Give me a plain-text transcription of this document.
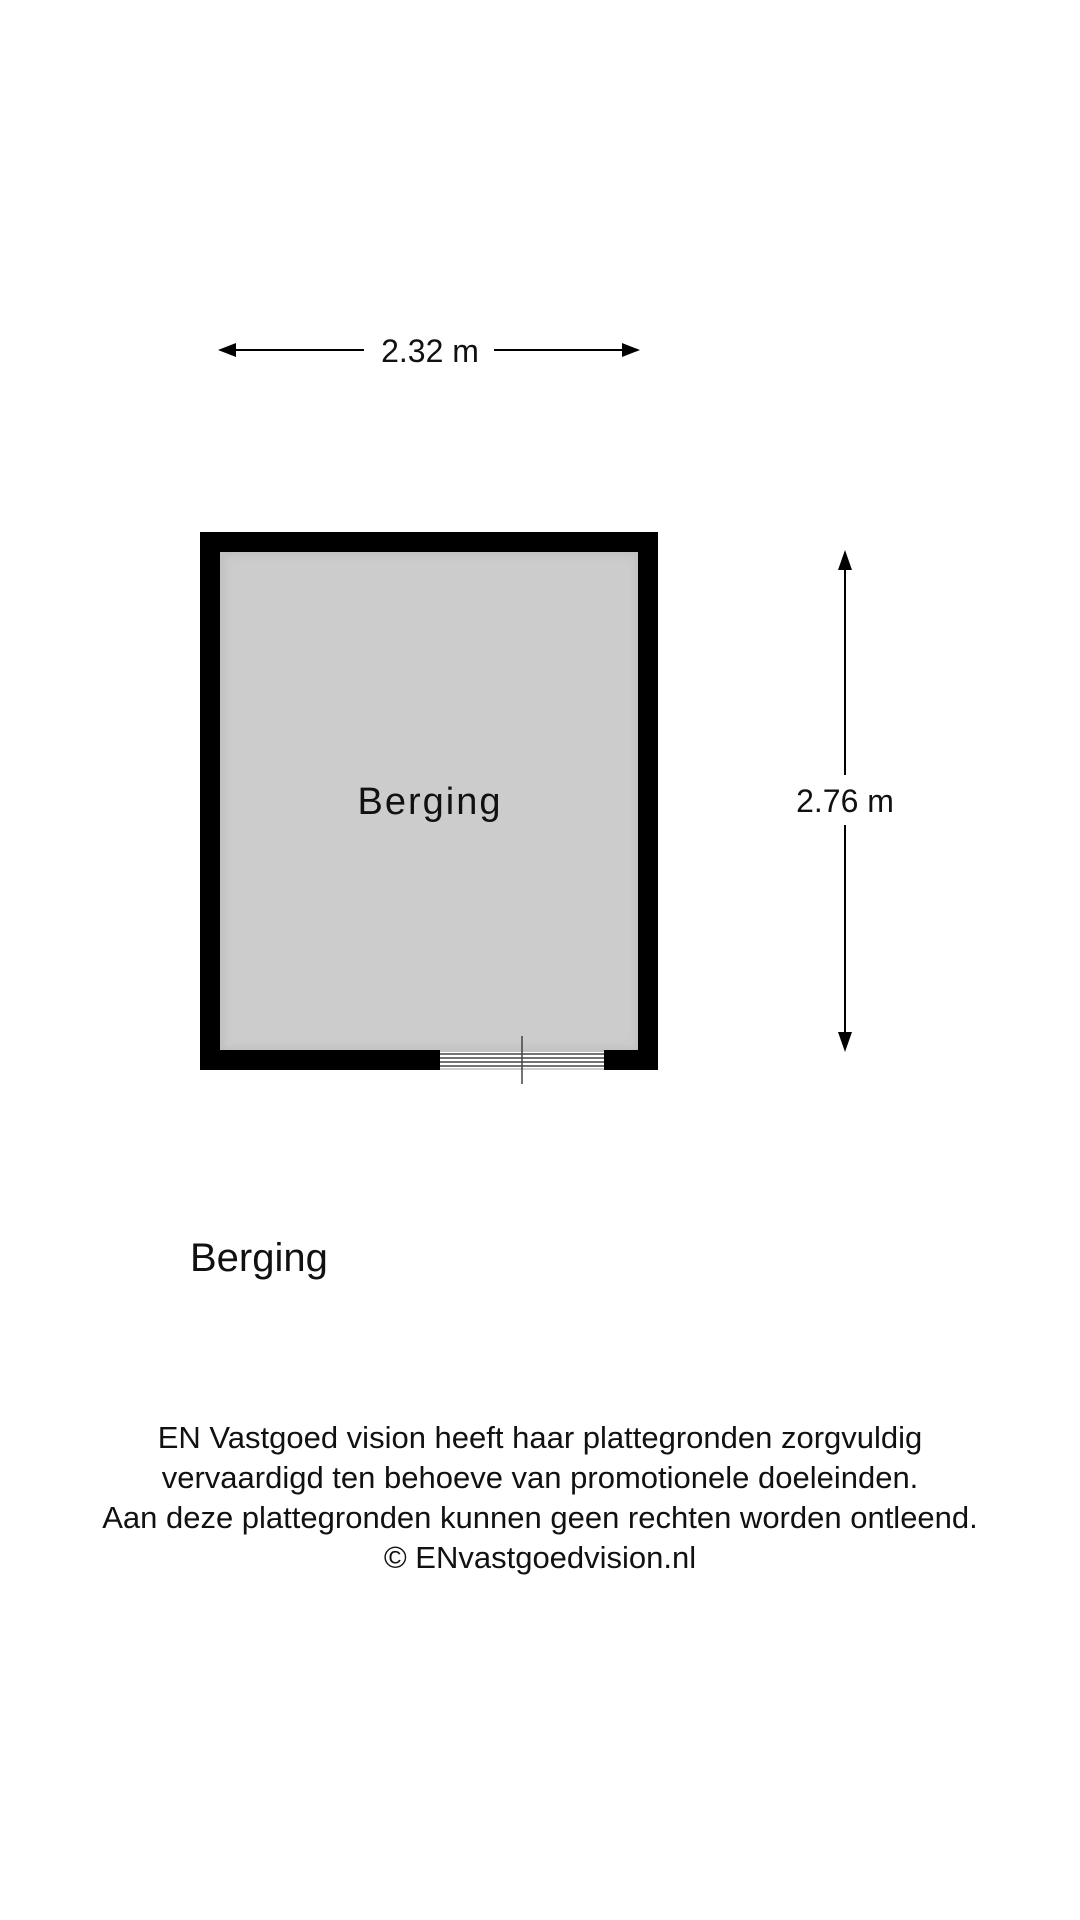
2.32 m
2.76 m
Berging
Berging
EN Vastgoed vision heeft haar plattegronden zorgvuldig
vervaardigd ten behoeve van promotionele doeleinden.
Aan deze plattegronden kunnen geen rechten worden ontleend.
© ENvastgoedvision.nl
